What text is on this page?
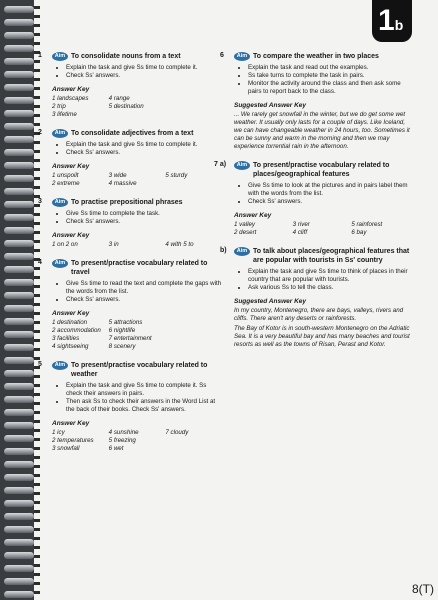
1b
1	Aim To consolidate nouns from a text
• Explain the task and give Ss time to complete it.
• Check Ss' answers.
Answer Key
1 landscapes	4 range
2 trip	5 destination
3 lifetime
2	Aim To consolidate adjectives from a text
• Explain the task and give Ss time to complete it.
• Check Ss' answers.
Answer Key
1 unspoilt	3 wide	5 sturdy
2 extreme	4 massive
3	Aim To practise prepositional phrases
• Give Ss time to complete the task.
• Check Ss' answers.
Answer Key
1 on 2 on	3 in	4 with 5 to
4	Aim To present/practise vocabulary related to travel
• Give Ss time to read the text and complete the gaps with the words from the list.
• Check Ss' answers.
Answer Key
1 destination	5 attractions
2 accommodation	6 nightlife
3 facilities	7 entertainment
4 sightseeing	8 scenery
5	Aim To present/practise vocabulary related to weather
• Explain the task and give Ss time to complete it. Ss check their answers in pairs.
• Then ask Ss to check their answers in the Word List at the back of their books. Check Ss' answers.
Answer Key
1 icy	4 sunshine	7 cloudy
2 temperatures	5 freezing
3 snowfall	6 wet
6	Aim To compare the weather in two places
• Explain the task and read out the examples.
• Ss take turns to complete the task in pairs.
• Monitor the activity around the class and then ask some pairs to report back to the class.
Suggested Answer Key

... We rarely get snowfall in the winter, but we do get some wet weather. It usually only lasts for a couple of days. Like Iceland, we can have changeable weather in 24 hours, too. Sometimes it can be sunny and warm in the morning and then we may experience torrential rain in the afternoon.

7 a)	Aim To present/practise vocabulary related to places/geographical features
• Give Ss time to look at the pictures and in pairs label them with the words from the list.
• Check Ss' answers.
Answer Key
1 valley	3 river	5 rainforest
2 desert	4 cliff	6 bay
b)	Aim To talk about places/geographical features that are popular with tourists in Ss' country
• Explain the task and give Ss time to think of places in their country that are popular with tourists.
• Ask various Ss to tell the class.
Suggested Answer Key

In my country, Montenegro, there are bays, valleys, rivers and cliffs. There aren't any deserts or rainforests.

The Bay of Kotor is in south-western Montenegro on the Adriatic Sea. It is a very beautiful bay and has many beaches and tourist resorts as well as the towns of Risan, Perast and Kotor.

8(T)
